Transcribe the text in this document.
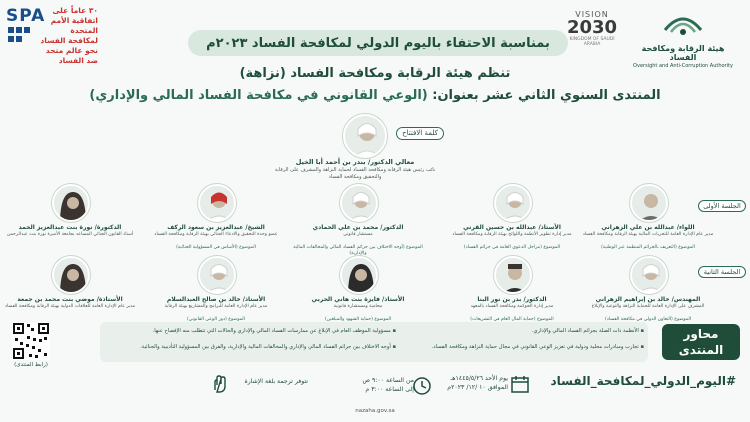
SPA ٣٠ عاماً على اتفاقية الأمم المتحدة لمكافحة الفساد نحو عالم متحد ضد الفساد
VISION
2030
KINGDOM OF SAUDI ARABIA	هيئة الرقابة ومكافحة الفساد
Oversight and Anti-Corruption Authority
بمناسبة الاحتفاء باليوم الدولي لمكافحة الفساد ٢٠٢٣م
تنظم هيئة الرقابة ومكافحة الفساد (نزاهة)
المنتدى السنوي الثاني عشر بعنوان: (الوعي القانوني في مكافحة الفساد المالي والإداري)
كلمة الافتتاح
معالي الدكتور/ بندر بن أحمد أبا الخيل
نائب رئيس هيئة الرقابة ومكافحة الفساد لحماية النزاهة والمشرف على الرقابة والتحقيق ومكافحة الفساد
الجلسة الأولى
الجلسة الثانية
اللواء/ عبدالله بن علي الزهراني
مدير عام الإدارة العامة للتحريات المالية بهيئة الرقابة ومكافحة الفساد
الموضوع (التعريف بالجرائم المنظمة عبر الوطنية)
الأستاذ/ عبدالله بن حسين القرني
مدير إدارة تطوير الأنظمة واللوائح بهيئة الرقابة ومكافحة الفساد
الموضوع (مراحل الدعوى العامة في جرائم الفساد)
الدكتور/ محمد بن علي الحمادي
مستشار قانوني
الموضوع (أوجه الاختلاف بين جرائم الفساد المالي والمخالفات المالية والإدارية)
الشيخ/ عبدالعزيز بن سعود الركف
عضو وحدة التحقيق والادعاء الجنائي بهيئة الرقابة ومكافحة الفساد
الموضوع (الأساس في المسؤولية الجنائية)
الدكتورة/ نورة بنت عبدالعزيز الحمد
أستاذ القانون الجنائي المساعد بجامعة الأميرة نورة بنت عبدالرحمن
المهندس/ خالد بن إبراهيم الزهراني
المشرف على الإدارة العامة للحماية النزاهة والتوعية والإبلاغ
الموضوع (التعاون الدولي في مكافحة الفساد)
الدكتور/ بدر بن نور البنا
مدير إدارة الحوكمة ومكافحة الفساد بالمعهد
الموضوع (حماية المال العام في التشريعات)
الأستاذ/ فايزة بنت هاني الحربي
محامية ومستشارة قانونية
الموضوع (حماية الشهود والمبلغين)
الأستاذ/ خالد بن صالح العبدالسلام
مدير عام الإدارة العامة للبرامج والمشاريع بهيئة الرقابة
الموضوع (دور الوعي القانوني)
الأستاذة/ موضي بنت محمد بن جمعة
مدير عام الإدارة العامة للعلاقات الدولية بهيئة الرقابة ومكافحة الفساد
محاور المنتدى
▪ الأنظمة ذات الصلة بجرائم الفساد المالي والإداري.
▪ مسؤولية الموظف العام في الإبلاغ عن ممارسات الفساد المالي والإداري والحالات التي تتطلب منه الإفصاح عنها.
▪ تجارب ومبادرات محلية ودولية في تعزيز الوعي القانوني في مجال حماية النزاهة ومكافحة الفساد.
▪ أوجه الاختلاف بين جرائم الفساد المالي والإداري والمخالفات المالية والإدارية، والفرق بين المسؤولية التأديبية والجنائية.
(رابط المنتدى)
تتوفر ترجمة بلغة الإشارة	من الساعة ٩:٠٠ ص
إلى الساعة ٣:٠٠ م
يوم الأحد ١٤٤٥/٥/٢٦هـ
الموافق ١٠ /١٢/ ٢٠٢٣م	#اليوم_الدولي_لمكافحة_الفساد
nazaha.gov.sa
